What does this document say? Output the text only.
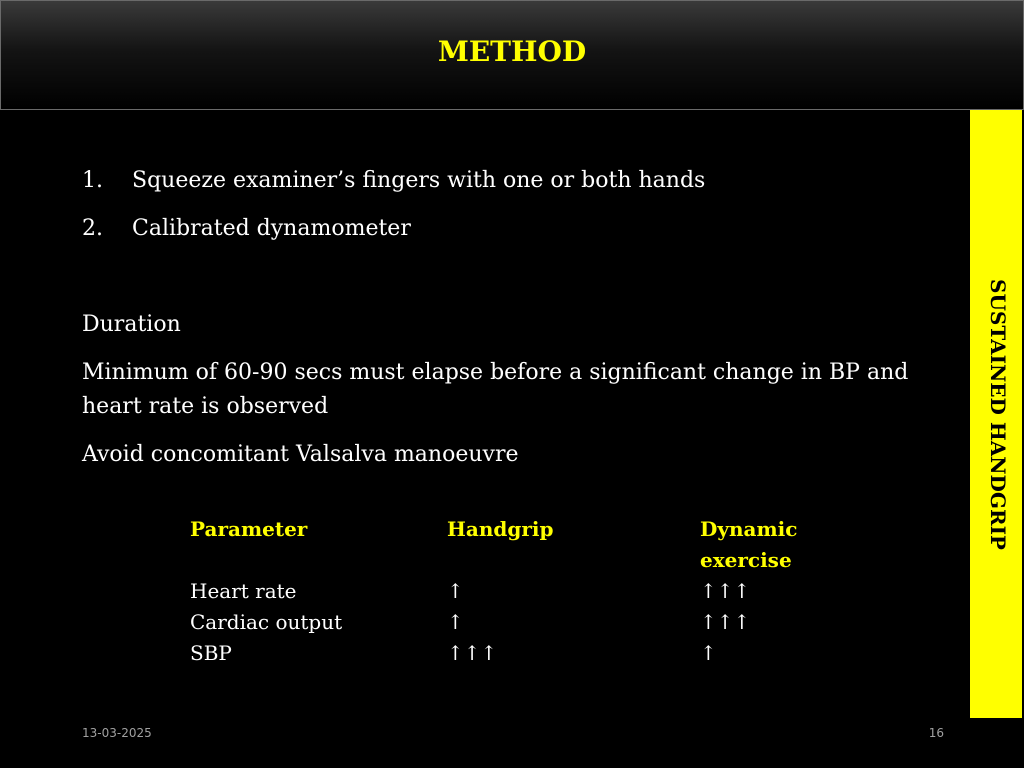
METHOD
SUSTAINED HANDGRIP
1.	Squeeze examiner’s fingers with one or both hands
2.	Calibrated dynamometer
Duration
Minimum of 60-90 secs must elapse before a significant change in BP and heart rate is observed
Avoid concomitant Valsalva manoeuvre
Parameter	Handgrip	Dynamic exercise
Heart rate	↑	↑↑↑
Cardiac output	↑	↑↑↑
SBP	↑↑↑	↑
13-03-2025	16
